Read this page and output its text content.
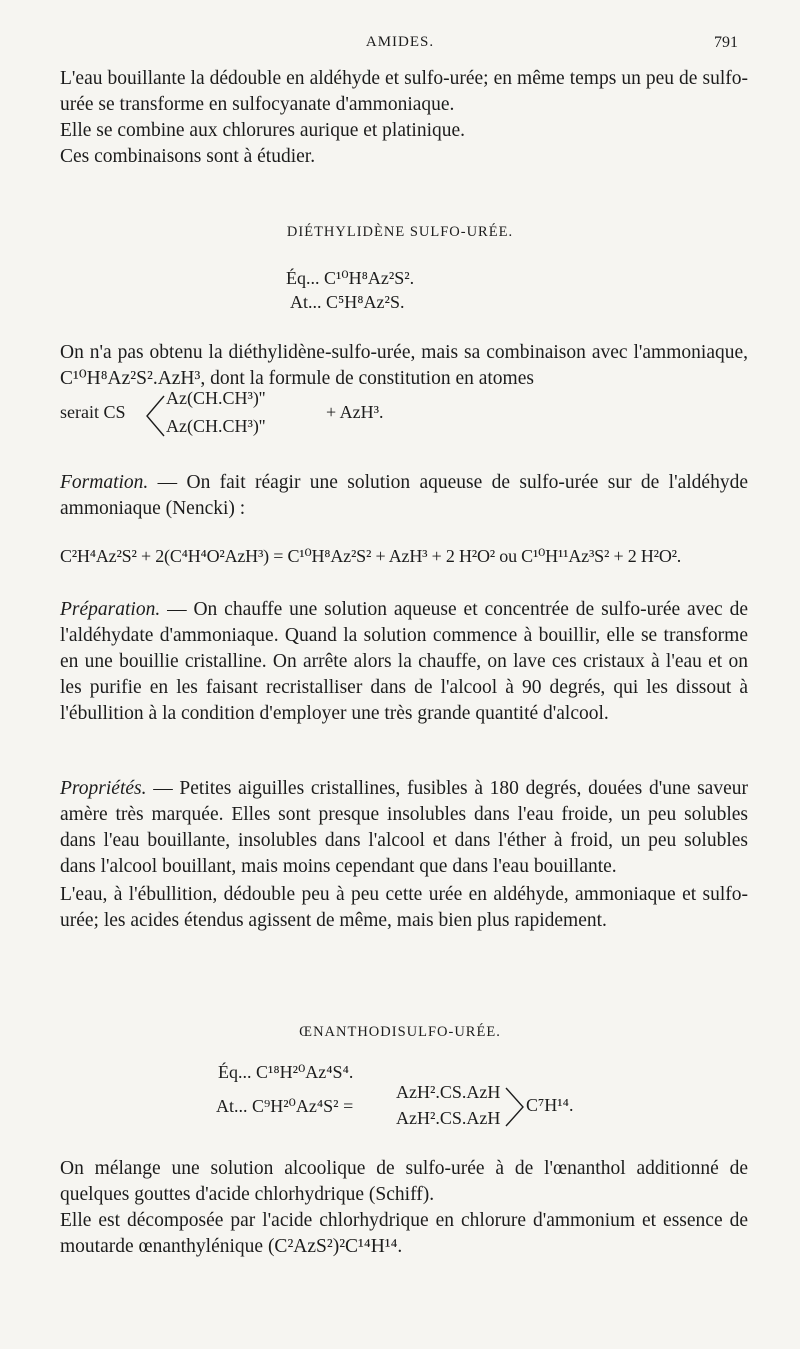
AMIDES.	791

L'eau bouillante la dédouble en aldéhyde et sulfo-urée; en même temps un peu de sulfo-urée se transforme en sulfocyanate d'ammoniaque.

Elle se combine aux chlorures aurique et platinique.

Ces combinaisons sont à étudier.

DIÉTHYLIDÈNE SULFO-URÉE.
Éq... C¹⁰H⁸Az²S².
At... C⁵H⁸Az²S.

On n'a pas obtenu la diéthylidène-sulfo-urée, mais sa combinaison avec l'ammoniaque, C¹⁰H⁸Az²S².AzH³, dont la formule de constitution en atomes

serait CS
Az(CH.CH³)''
Az(CH.CH³)''
+ AzH³.

Formation. — On fait réagir une solution aqueuse de sulfo-urée sur de l'aldéhyde ammoniaque (Nencki) :

C²H⁴Az²S² + 2(C⁴H⁴O²AzH³) = C¹⁰H⁸Az²S² + AzH³ + 2 H²O² ou C¹⁰H¹¹Az³S² + 2 H²O².

Préparation. — On chauffe une solution aqueuse et concentrée de sulfo-urée avec de l'aldéhydate d'ammoniaque. Quand la solution commence à bouillir, elle se transforme en une bouillie cristalline. On arrête alors la chauffe, on lave ces cristaux à l'eau et on les purifie en les faisant recristalliser dans de l'alcool à 90 degrés, qui les dissout à l'ébullition à la condition d'employer une très grande quantité d'alcool.

Propriétés. — Petites aiguilles cristallines, fusibles à 180 degrés, douées d'une saveur amère très marquée. Elles sont presque insolubles dans l'eau froide, un peu solubles dans l'eau bouillante, insolubles dans l'alcool et dans l'éther à froid, un peu solubles dans l'alcool bouillant, mais moins cependant que dans l'eau bouillante.

L'eau, à l'ébullition, dédouble peu à peu cette urée en aldéhyde, ammoniaque et sulfo-urée; les acides étendus agissent de même, mais bien plus rapidement.

ŒNANTHODISULFO-URÉE.
Éq... C¹⁸H²⁰Az⁴S⁴.
At... C⁹H²⁰Az⁴S² =
AzH².CS.AzH
AzH².CS.AzH
C⁷H¹⁴.

On mélange une solution alcoolique de sulfo-urée à de l'œnanthol additionné de quelques gouttes d'acide chlorhydrique (Schiff).

Elle est décomposée par l'acide chlorhydrique en chlorure d'ammonium et essence de moutarde œnanthylénique (C²AzS²)²C¹⁴H¹⁴.
